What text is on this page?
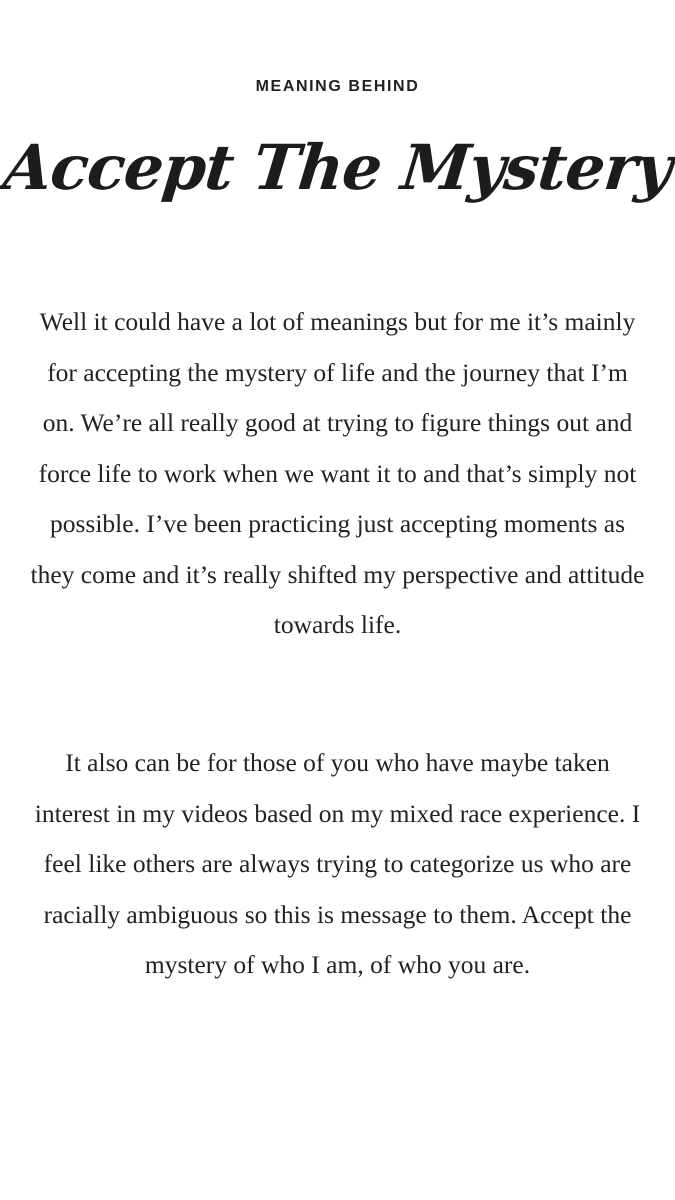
MEANING BEHIND

Accept The Mystery

Well it could have a lot of meanings but for me it’s mainly for accepting the mystery of life and the journey that I’m on. We’re all really good at trying to figure things out and force life to work when we want it to and that’s simply not possible. I’ve been practicing just accepting moments as they come and it’s really shifted my perspective and attitude towards life.

It also can be for those of you who have maybe taken interest in my videos based on my mixed race experience. I feel like others are always trying to categorize us who are racially ambiguous so this is message to them. Accept the mystery of who I am, of who you are.
